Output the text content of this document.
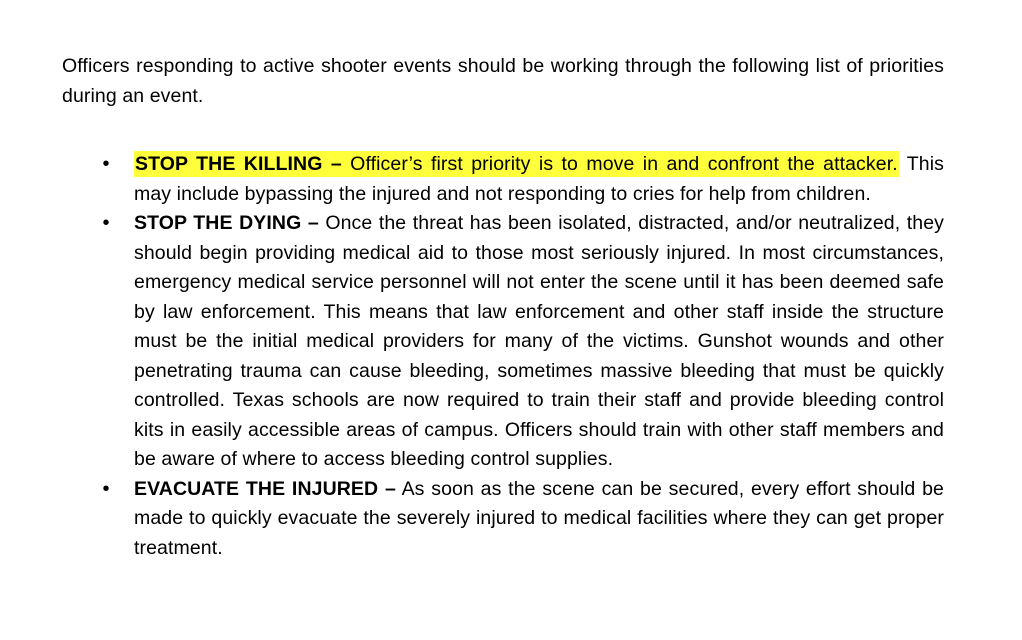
Officers responding to active shooter events should be working through the following list of priorities during an event.

•	STOP THE KILLING – Officer’s first priority is to move in and confront the attacker. This may include bypassing the injured and not responding to cries for help from children.
•	STOP THE DYING – Once the threat has been isolated, distracted, and/or neutralized, they should begin providing medical aid to those most seriously injured. In most circumstances, emergency medical service personnel will not enter the scene until it has been deemed safe by law enforcement. This means that law enforcement and other staff inside the structure must be the initial medical providers for many of the victims. Gunshot wounds and other penetrating trauma can cause bleeding, sometimes massive bleeding that must be quickly controlled. Texas schools are now required to train their staff and provide bleeding control kits in easily accessible areas of campus. Officers should train with other staff members and be aware of where to access bleeding control supplies.
•	EVACUATE THE INJURED – As soon as the scene can be secured, every effort should be made to quickly evacuate the severely injured to medical facilities where they can get proper treatment.
